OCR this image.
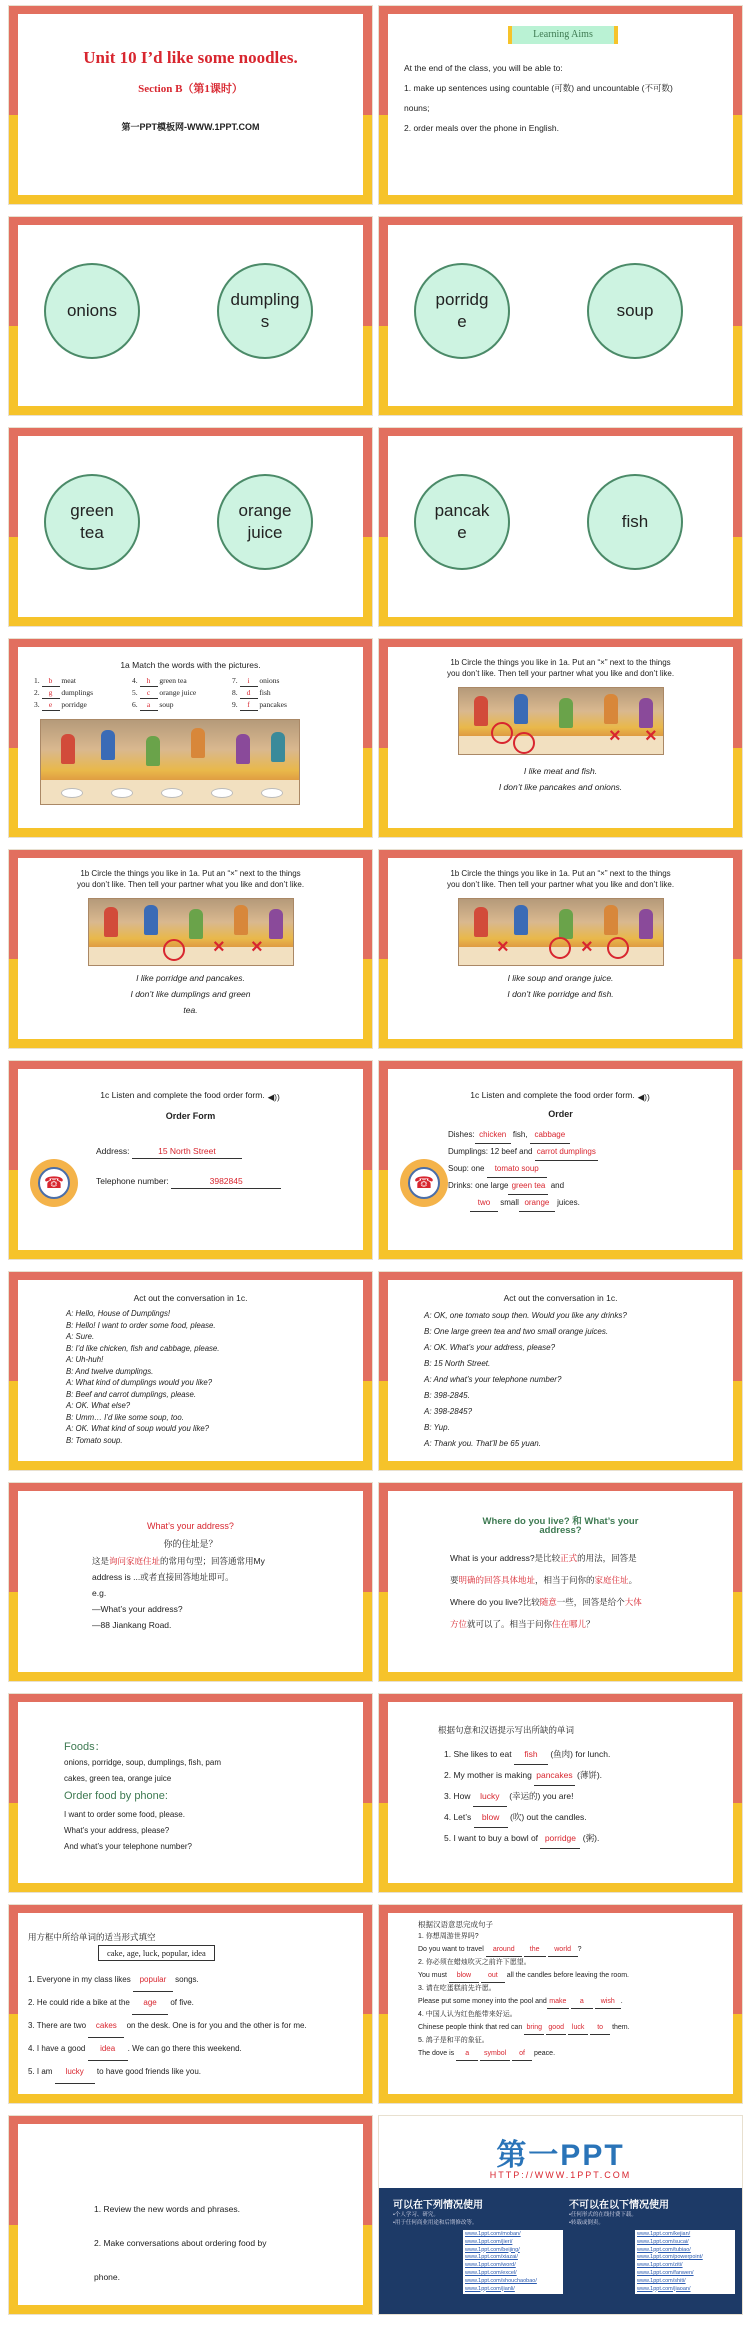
Unit 10 I’d like some noodles.
Section B（第1课时）
第一PPT模板网-WWW.1PPT.COM
Learning Aims
At the end of the class, you will be able to:
1. make up sentences using countable (可数) and uncountable (不可数)
nouns;
2. order meals over the phone in English.
onions
dumpling
s
porridg
e
soup
green
tea
orange
juice
pancak
e
fish
1a Match the words with the pictures.
1. b meat
2. g dumplings
3. e porridge
4. h green tea
5. c orange juice
6. a soup
7. i onions
8. d fish
9. f pancakes
1b Circle the things you like in 1a. Put an “×” next to the things
you don’t like. Then tell your partner what you like and don’t like.
× ×
I like meat and fish.
I don’t like pancakes and onions.
1b Circle the things you like in 1a. Put an “×” next to the things
you don’t like. Then tell your partner what you like and don’t like.
× ×
I like porridge and pancakes.
I don’t like dumplings and green
tea.
1b Circle the things you like in 1a. Put an “×” next to the things
you don’t like. Then tell your partner what you like and don’t like.
×	×
I like soup and orange juice.
I don’t like porridge and fish.
1c Listen and complete the food order form. ◀))
Order Form
Address:	15 North Street
Telephone number:	3982845
☎
1c Listen and complete the food order form. ◀))
Order
Dishes: chicken fish, cabbage
Dumplings: 12 beef and carrot dumplings
Soup: one tomato soup
Drinks: one large green tea and
two small orange juices.
☎
Act out the conversation in 1c.
A: Hello, House of Dumplings!
B: Hello! I want to order some food, please.
A: Sure.
B: I’d like chicken, fish and cabbage, please.
A: Uh-huh!
B: And twelve dumplings.
A: What kind of dumplings would you like?
B: Beef and carrot dumplings, please.
A: OK. What else?
B: Umm… I’d like some soup, too.
A: OK. What kind of soup would you like?
B: Tomato soup.
Act out the conversation in 1c.
A: OK, one tomato soup then. Would you like any drinks?
B: One large green tea and two small orange juices.
A: OK. What’s your address, please?
B: 15 North Street.
A: And what’s your telephone number?
B: 398-2845.
A: 398-2845?
B: Yup.
A: Thank you. That’ll be 65 yuan.
What’s your address?
你的住址是？
这是询问家庭住址的常用句型；回答通常用My
address is ...或者直接回答地址即可。
e.g.
—What’s your address?
—88 Jiankang Road.
Where do you live? 和 What’s your
address?
What is your address?是比较正式的用法，回答是
要明确的回答具体地址，相当于问你的家庭住址。
Where do you live?比较随意一些，回答是给个大体
方位就可以了。相当于问你住在哪儿？
Foods：
onions, porridge, soup, dumplings, fish, pam
cakes, green tea, orange juice
Order food by phone:
I want to order some food, please.
What’s your address, please?
And what’s your telephone number?
根据句意和汉语提示写出所缺的单词
1. She likes to eat fish (鱼肉) for lunch.
2. My mother is making pancakes (薄饼).
3. How lucky (幸运的) you are!
4. Let’s blow (吹) out the candles.
5. I want to buy a bowl of porridge (粥).
用方框中所给单词的适当形式填空
cake, age, luck, popular, idea
1. Everyone in my class likes popular songs.
2. He could ride a bike at the age of five.
3. There are two cakes on the desk. One is for you and the other is for me.
4. I have a good idea . We can go there this weekend.
5. I am lucky to have good friends like you.
根据汉语意思完成句子
1. 你想周游世界吗?
Do you want to travel around the world ?
2. 你必须在蜡烛吹灭之前许下愿望。
You must blow out all the candles before leaving the room.
3. 请在吃蛋糕前先许愿。
Please put some money into the pool and make a wish .
4. 中国人认为红色能带来好运。
Chinese people think that red can bring good luck to them.
5. 鸽子是和平的象征。
The dove is a symbol of peace.
1. Review the new words and phrases.
2. Make conversations about ordering food by
phone.
第一PPT
HTTP://WWW.1PPT.COM
可以在下列情况使用	不可以在以下情况使用
•个人学习、研究。
•用于任何商业用途和后期修改等。
•任何形式的在线付费下载。
•转载或倒卖。
www.1ppt.com/moban/
www.1ppt.com/jieri/
www.1ppt.com/beijing/
www.1ppt.com/xiazai/
www.1ppt.com/word/
www.1ppt.com/excel/
www.1ppt.com/shouchaobao/
www.1ppt.com/jianli/
www.1ppt.com/kejian/
www.1ppt.com/sucai/
www.1ppt.com/tubiao/
www.1ppt.com/powerpoint/
www.1ppt.com/ziti/
www.1ppt.com/fanwen/
www.1ppt.com/shiti/
www.1ppt.com/jiaoan/
